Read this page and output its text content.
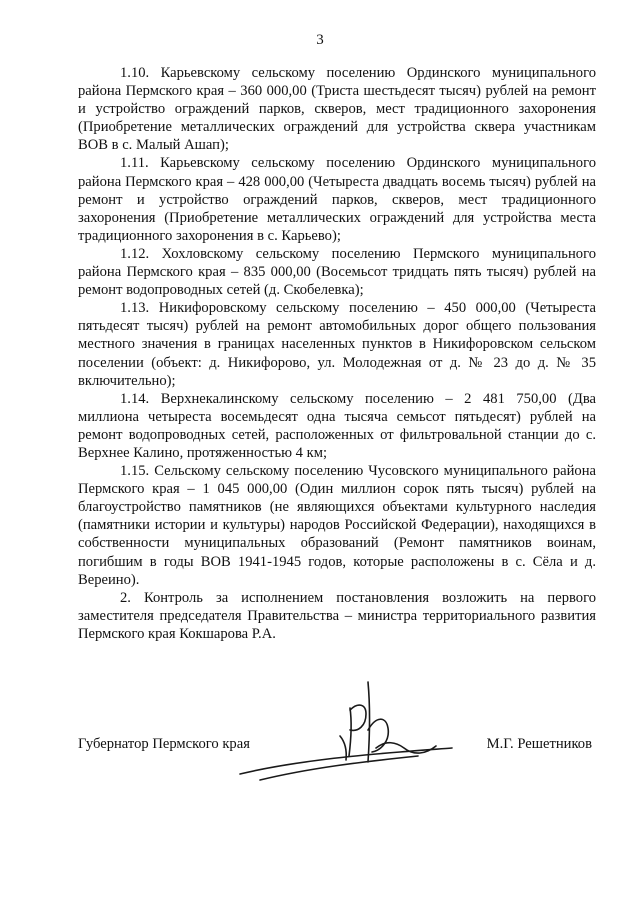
3

1.10. Карьевскому сельскому поселению Ординского муниципального района Пермского края – 360 000,00 (Триста шестьдесят тысяч) рублей на ремонт и устройство ограждений парков, скверов, мест традиционного захоронения (Приобретение металлических ограждений для устройства сквера участникам ВОВ в с. Малый Ашап);

1.11. Карьевскому сельскому поселению Ординского муниципального района Пермского края – 428 000,00 (Четыреста двадцать восемь тысяч) рублей на ремонт и устройство ограждений парков, скверов, мест традиционного захоронения (Приобретение металлических ограждений для устройства места традиционного захоронения в с. Карьево);

1.12. Хохловскому сельскому поселению Пермского муниципального района Пермского края – 835 000,00 (Восемьсот тридцать пять тысяч) рублей на ремонт водопроводных сетей (д. Скобелевка);

1.13. Никифоровскому сельскому поселению – 450 000,00 (Четыреста пятьдесят тысяч) рублей на ремонт автомобильных дорог общего пользования местного значения в границах населенных пунктов в Никифоровском сельском поселении (объект: д. Никифорово, ул. Молодежная от д. № 23 до д. № 35 включительно);

1.14. Верхнекалинскому сельскому поселению – 2 481 750,00 (Два миллиона четыреста восемьдесят одна тысяча семьсот пятьдесят) рублей на ремонт водопроводных сетей, расположенных от фильтровальной станции до с. Верхнее Калино, протяженностью 4 км;

1.15. Сельскому сельскому поселению Чусовского муниципального района Пермского края – 1 045 000,00 (Один миллион сорок пять тысяч) рублей на благоустройство памятников (не являющихся объектами культурного наследия (памятники истории и культуры) народов Российской Федерации), находящихся в собственности муниципальных образований (Ремонт памятников воинам, погибшим в годы ВОВ 1941-1945 годов, которые расположены в с. Сёла и д. Верeино).

2. Контроль за исполнением постановления возложить на первого заместителя председателя Правительства – министра территориального развития Пермского края Кокшарова Р.А.

Губернатор Пермского края	М.Г. Решетников
